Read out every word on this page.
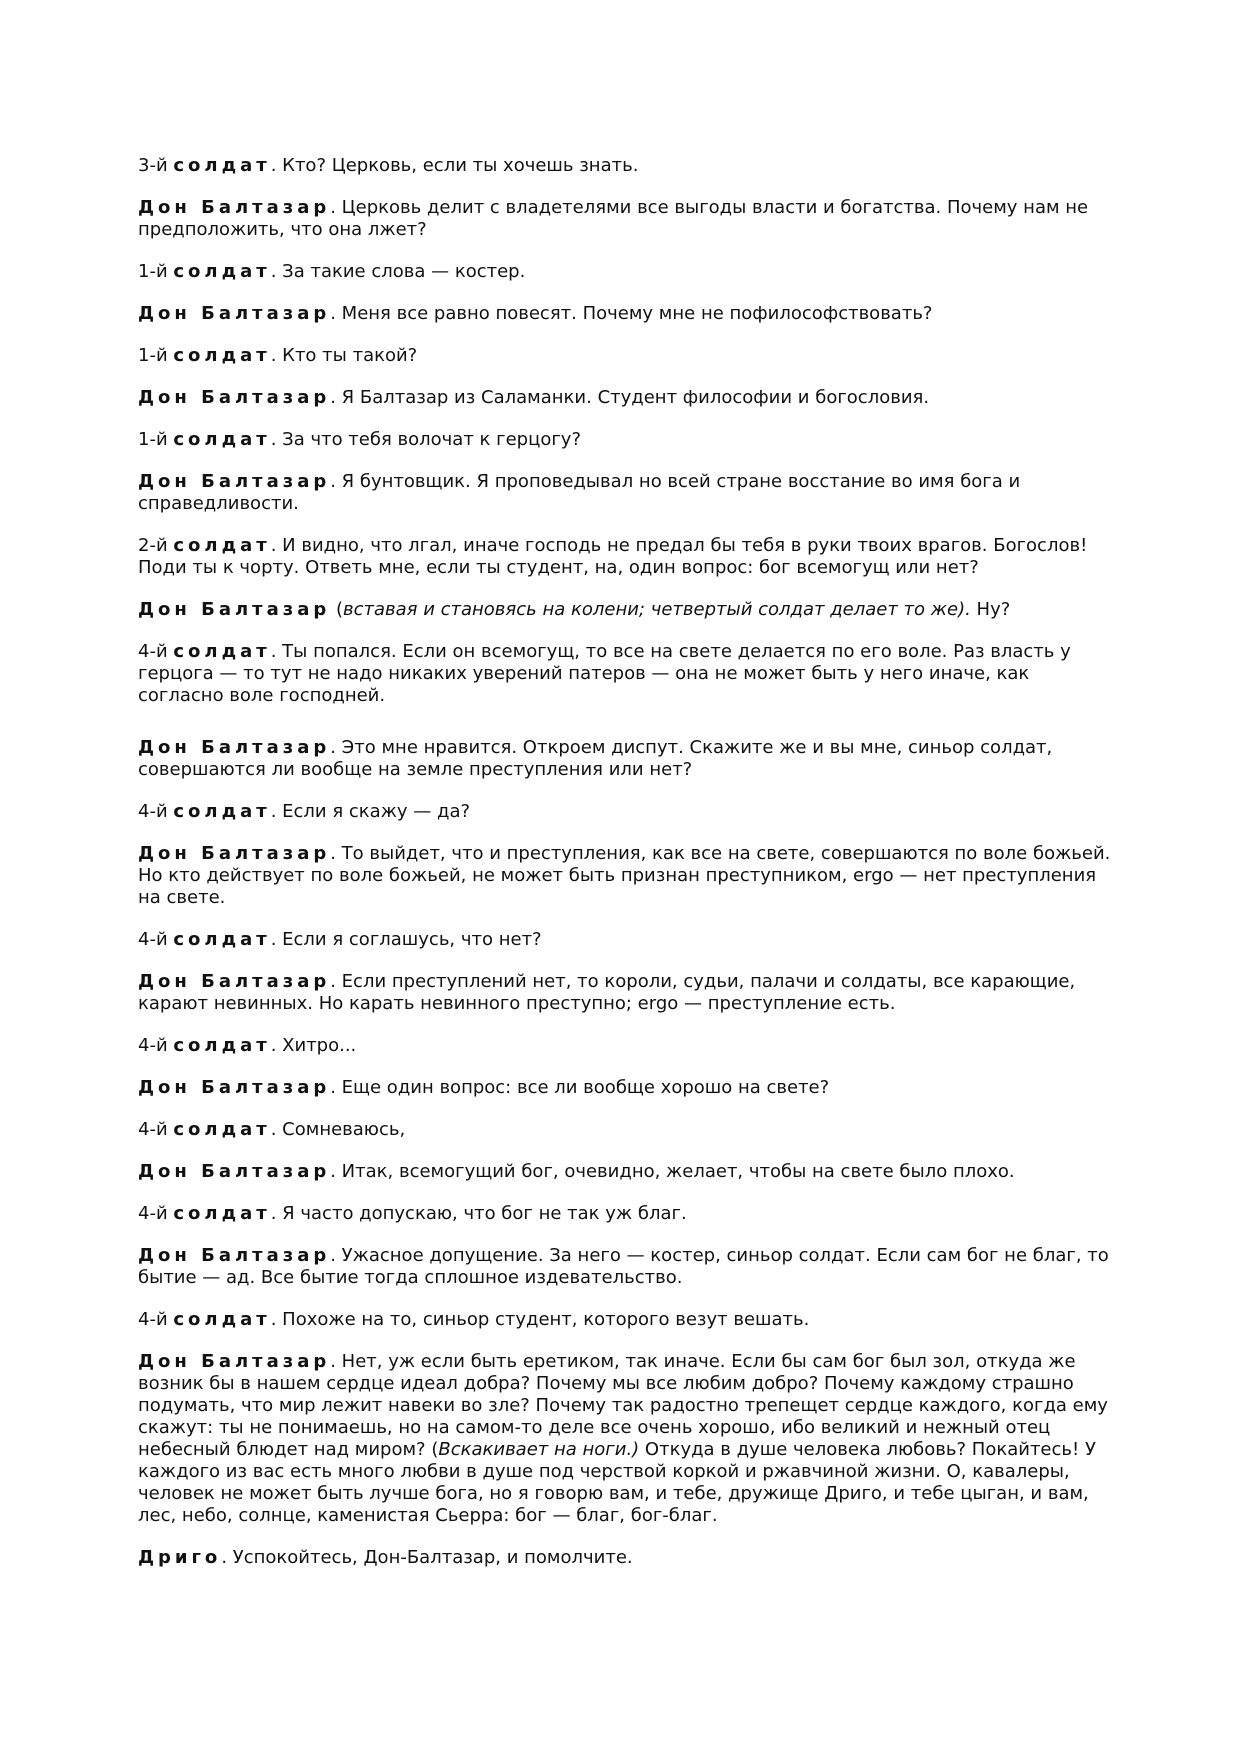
3-й солдат. Кто? Церковь, если ты хочешь знать.

Дон Балтазар. Церковь делит с владетелями все выгоды власти и богатства. Почему нам не предположить, что она лжет?

1-й солдат. За такие слова — костер.

Дон Балтазар. Меня все равно повесят. Почему мне не пофилософствовать?

1-й солдат. Кто ты такой?

Дон Балтазар. Я Балтазар из Саламанки. Студент философии и богословия.

1-й солдат. За что тебя волочат к герцогу?

Дон Балтазар. Я бунтовщик. Я проповедывал но всей стране восстание во имя бога и справедливости.

2-й солдат. И видно, что лгал, иначе господь не предал бы тебя в руки твоих врагов. Богослов! Поди ты к чорту. Ответь мне, если ты студент, на, один вопрос: бог всемогущ или нет?

Дон Балтазар (вставая и становясь на колени; четвертый солдат делает то же). Ну?

4-й солдат. Ты попался. Если он всемогущ, то все на свете делается по его воле. Раз власть у герцога — то тут не надо никаких уверений патеров — она не может быть у него иначе, как согласно воле господней.

Дон Балтазар. Это мне нравится. Откроем диспут. Скажите же и вы мне, синьор солдат, совершаются ли вообще на земле преступления или нет?

4-й солдат. Если я скажу — да?

Дон Балтазар. То выйдет, что и преступления, как все на свете, совершаются по воле божьей. Но кто действует по воле божьей, не может быть признан преступником, ergo — нет преступления на свете.

4-й солдат. Если я соглашусь, что нет?

Дон Балтазар. Если преступлений нет, то короли, судьи, палачи и солдаты, все карающие, карают невинных. Но карать невинного преступно; ergo — преступление есть.

4-й солдат. Хитро...

Дон Балтазар. Еще один вопрос: все ли вообще хорошо на свете?

4-й солдат. Сомневаюсь,

Дон Балтазар. Итак, всемогущий бог, очевидно, желает, чтобы на свете было плохо.

4-й солдат. Я часто допускаю, что бог не так уж благ.

Дон Балтазар. Ужасное допущение. За него — костер, синьор солдат. Если сам бог не благ, то бытие — ад. Все бытие тогда сплошное издевательство.

4-й солдат. Похоже на то, синьор студент, которого везут вешать.

Дон Балтазар. Нет, уж если быть еретиком, так иначе. Если бы сам бог был зол, откуда же возник бы в нашем сердце идеал добра? Почему мы все любим добро? Почему каждому страшно подумать, что мир лежит навеки во зле? Почему так радостно трепещет сердце каждого, когда ему скажут: ты не понимаешь, но на самом-то деле все очень хорошо, ибо великий и нежный отец небесный блюдет над миром? (Вскакивает на ноги.) Откуда в душе человека любовь? Покайтесь! У каждого из вас есть много любви в душе под черствой коркой и ржавчиной жизни. О, кавалеры, человек не может быть лучше бога, но я говорю вам, и тебе, дружище Дриго, и тебе цыган, и вам, лес, небо, солнце, каменистая Сьерра: бог — благ, бог-благ.

Дриго. Успокойтесь, Дон-Балтазар, и помолчите.
